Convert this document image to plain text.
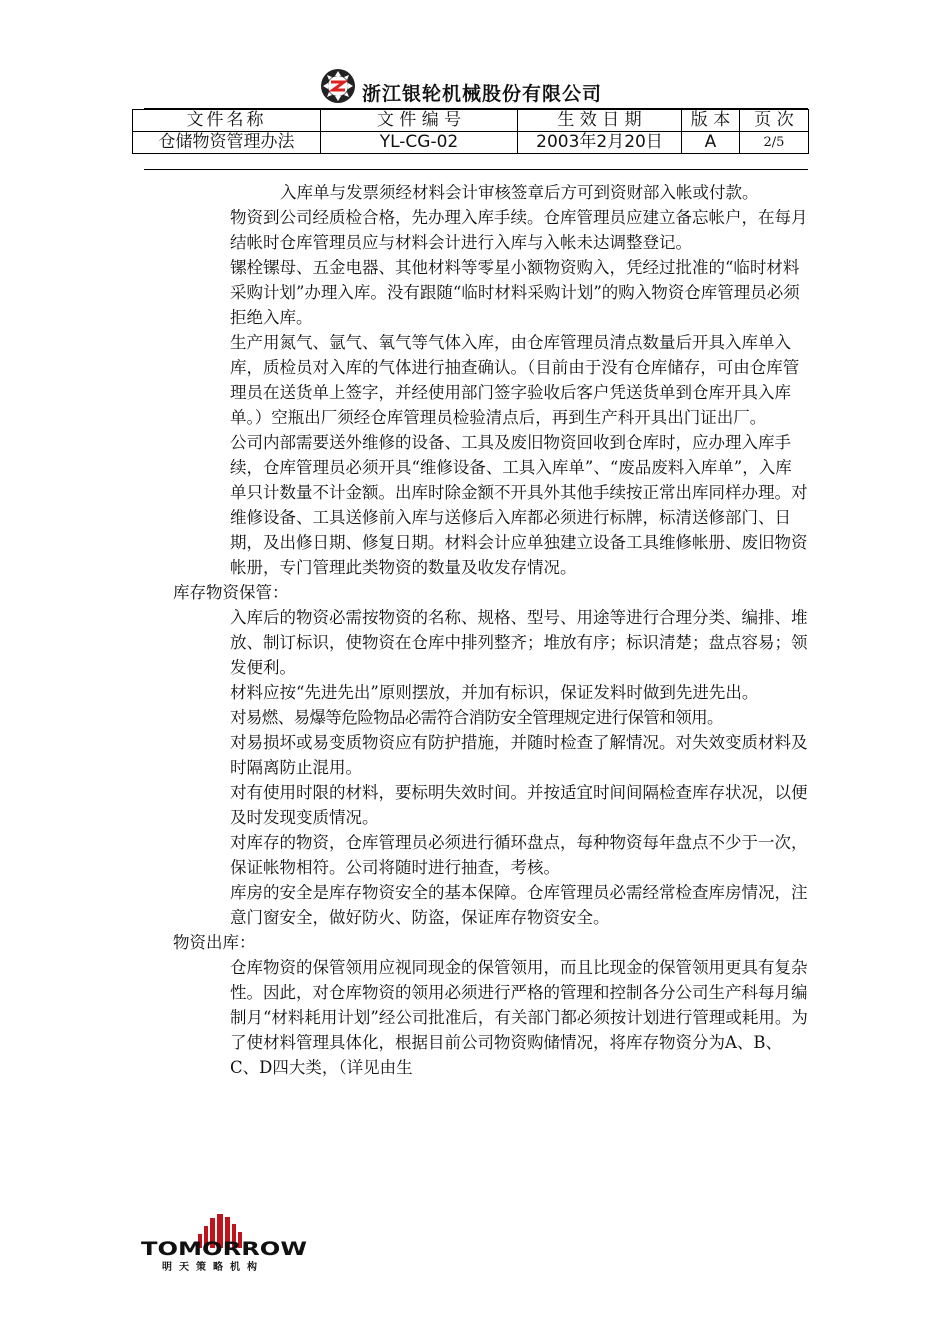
浙江银轮机械股份有限公司
文件名称	文 件 编 号	生 效 日 期	版 本	页 次
仓储物资管理办法	YL-CG-02	2003年2月20日	A	2/5
入库单与发票须经材料会计审核签章后方可到资财部入帐或付款。
物资到公司经质检合格，先办理入库手续。仓库管理员应建立备忘帐户，在每月结帐时仓库管理员应与材料会计进行入库与入帐未达调整登记。
镙栓镙母、五金电器、其他材料等零星小额物资购入，凭经过批准的“临时材料采购计划”办理入库。没有跟随“临时材料采购计划”的购入物资仓库管理员必须拒绝入库。
生产用氮气、氩气、氧气等气体入库，由仓库管理员清点数量后开具入库单入库，质检员对入库的气体进行抽查确认。（目前由于没有仓库储存，可由仓库管理员在送货单上签字，并经使用部门签字验收后客户凭送货单到仓库开具入库单。）空瓶出厂须经仓库管理员检验清点后，再到生产科开具出门证出厂。
公司内部需要送外维修的设备、工具及废旧物资回收到仓库时，应办理入库手续，仓库管理员必须开具“维修设备、工具入库单”、“废品废料入库单”，入库单只计数量不计金额。出库时除金额不开具外其他手续按正常出库同样办理。对维修设备、工具送修前入库与送修后入库都必须进行标牌，标清送修部门、日期，及出修日期、修复日期。材料会计应单独建立设备工具维修帐册、废旧物资帐册，专门管理此类物资的数量及收发存情况。
库存物资保管：
入库后的物资必需按物资的名称、规格、型号、用途等进行合理分类、编排、堆放、制订标识，使物资在仓库中排列整齐；堆放有序；标识清楚；盘点容易；领发便利。
材料应按“先进先出”原则摆放，并加有标识，保证发料时做到先进先出。
对易燃、易爆等危险物品必需符合消防安全管理规定进行保管和领用。
对易损坏或易变质物资应有防护措施，并随时检查了解情况。对失效变质材料及时隔离防止混用。
对有使用时限的材料，要标明失效时间。并按适宜时间间隔检查库存状况，以便及时发现变质情况。
对库存的物资，仓库管理员必须进行循环盘点，每种物资每年盘点不少于一次，保证帐物相符。公司将随时进行抽查，考核。
库房的安全是库存物资安全的基本保障。仓库管理员必需经常检查库房情况，注意门窗安全，做好防火、防盗，保证库存物资安全。
物资出库：
仓库物资的保管领用应视同现金的保管领用，而且比现金的保管领用更具有复杂性。因此，对仓库物资的领用必须进行严格的管理和控制各分公司生产科每月编制月“材料耗用计划”经公司批准后，有关部门都必须按计划进行管理或耗用。为了使材料管理具体化，根据目前公司物资购储情况，将库存物资分为A、B、C、D四大类，（详见由生
TOMORROW
明天策略机构
